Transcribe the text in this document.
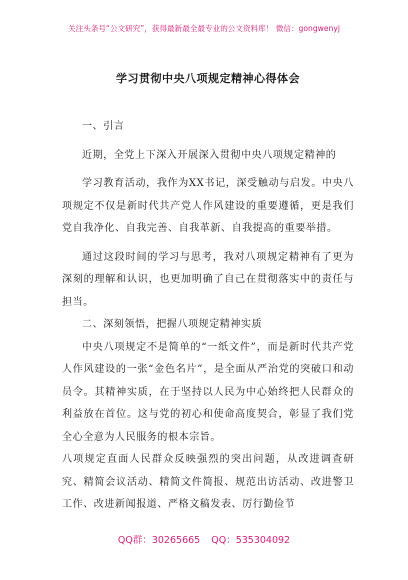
关注头条号“公文研究”，获得最新最全最专业的公文资料库！ 微信：gongwenyj
学习贯彻中央八项规定精神心得体会
一、引言

近期，全党上下深入开展深入贯彻中央八项规定精神的

学习教育活动，我作为XX书记，深受触动与启发。中央八项规定不仅是新时代共产党人作风建设的重要遵循，更是我们党自我净化、自我完善、自我革新、自我提高的重要举措。

通过这段时间的学习与思考，我对八项规定精神有了更为深刻的理解和认识，也更加明确了自己在贯彻落实中的责任与担当。

二、深刻领悟，把握八项规定精神实质

中央八项规定不是简单的“一纸文件”，而是新时代共产党人作风建设的一张“金色名片”，是全面从严治党的突破口和动员令。其精神实质，在于坚持以人民为中心始终把人民群众的利益放在首位。这与党的初心和使命高度契合，彰显了我们党全心全意为人民服务的根本宗旨。

八项规定直面人民群众反映强烈的突出问题，从改进调查研究、精简会议活动、精简文件简报、规范出访活动、改进警卫工作、改进新闻报道、严格文稿发表、厉行勤俭节

QQ群：30265665 QQ：535304092
